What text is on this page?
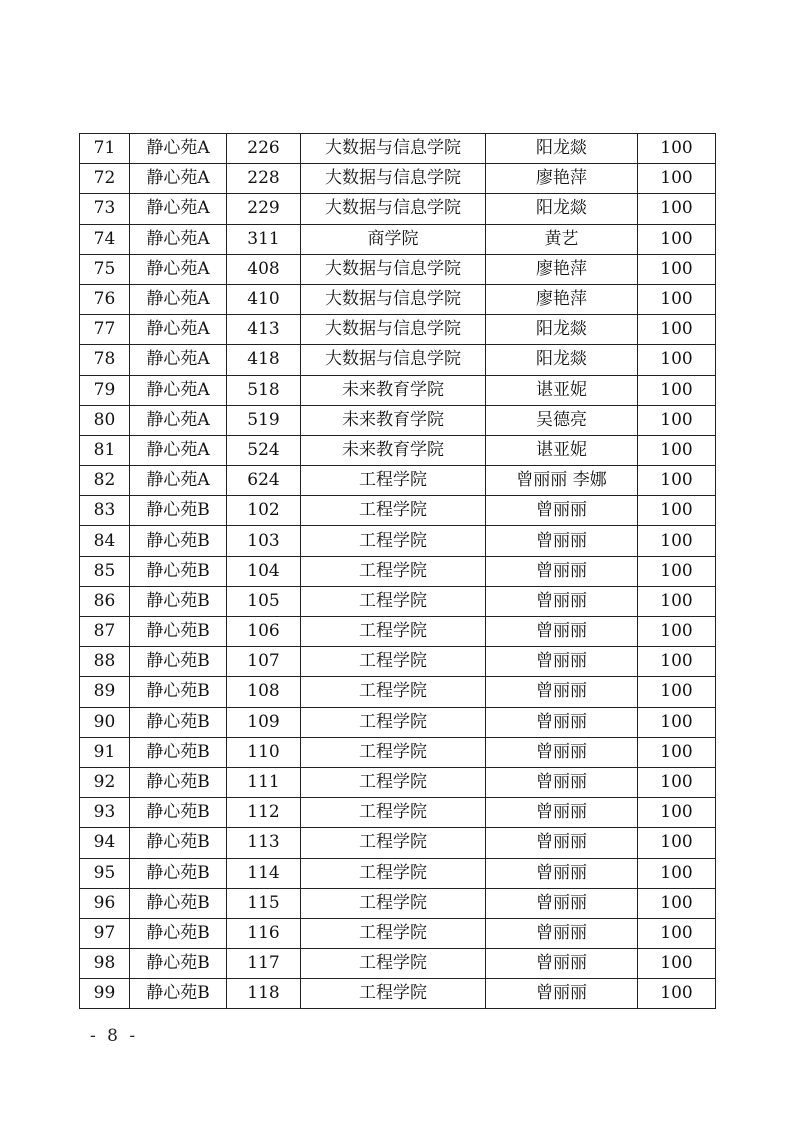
71	静心苑A	226	大数据与信息学院	阳龙燚	100
72	静心苑A	228	大数据与信息学院	廖艳萍	100
73	静心苑A	229	大数据与信息学院	阳龙燚	100
74	静心苑A	311	商学院	黄艺	100
75	静心苑A	408	大数据与信息学院	廖艳萍	100
76	静心苑A	410	大数据与信息学院	廖艳萍	100
77	静心苑A	413	大数据与信息学院	阳龙燚	100
78	静心苑A	418	大数据与信息学院	阳龙燚	100
79	静心苑A	518	未来教育学院	谌亚妮	100
80	静心苑A	519	未来教育学院	吴德亮	100
81	静心苑A	524	未来教育学院	谌亚妮	100
82	静心苑A	624	工程学院	曾丽丽 李娜	100
83	静心苑B	102	工程学院	曾丽丽	100
84	静心苑B	103	工程学院	曾丽丽	100
85	静心苑B	104	工程学院	曾丽丽	100
86	静心苑B	105	工程学院	曾丽丽	100
87	静心苑B	106	工程学院	曾丽丽	100
88	静心苑B	107	工程学院	曾丽丽	100
89	静心苑B	108	工程学院	曾丽丽	100
90	静心苑B	109	工程学院	曾丽丽	100
91	静心苑B	110	工程学院	曾丽丽	100
92	静心苑B	111	工程学院	曾丽丽	100
93	静心苑B	112	工程学院	曾丽丽	100
94	静心苑B	113	工程学院	曾丽丽	100
95	静心苑B	114	工程学院	曾丽丽	100
96	静心苑B	115	工程学院	曾丽丽	100
97	静心苑B	116	工程学院	曾丽丽	100
98	静心苑B	117	工程学院	曾丽丽	100
99	静心苑B	118	工程学院	曾丽丽	100
- 8 -
